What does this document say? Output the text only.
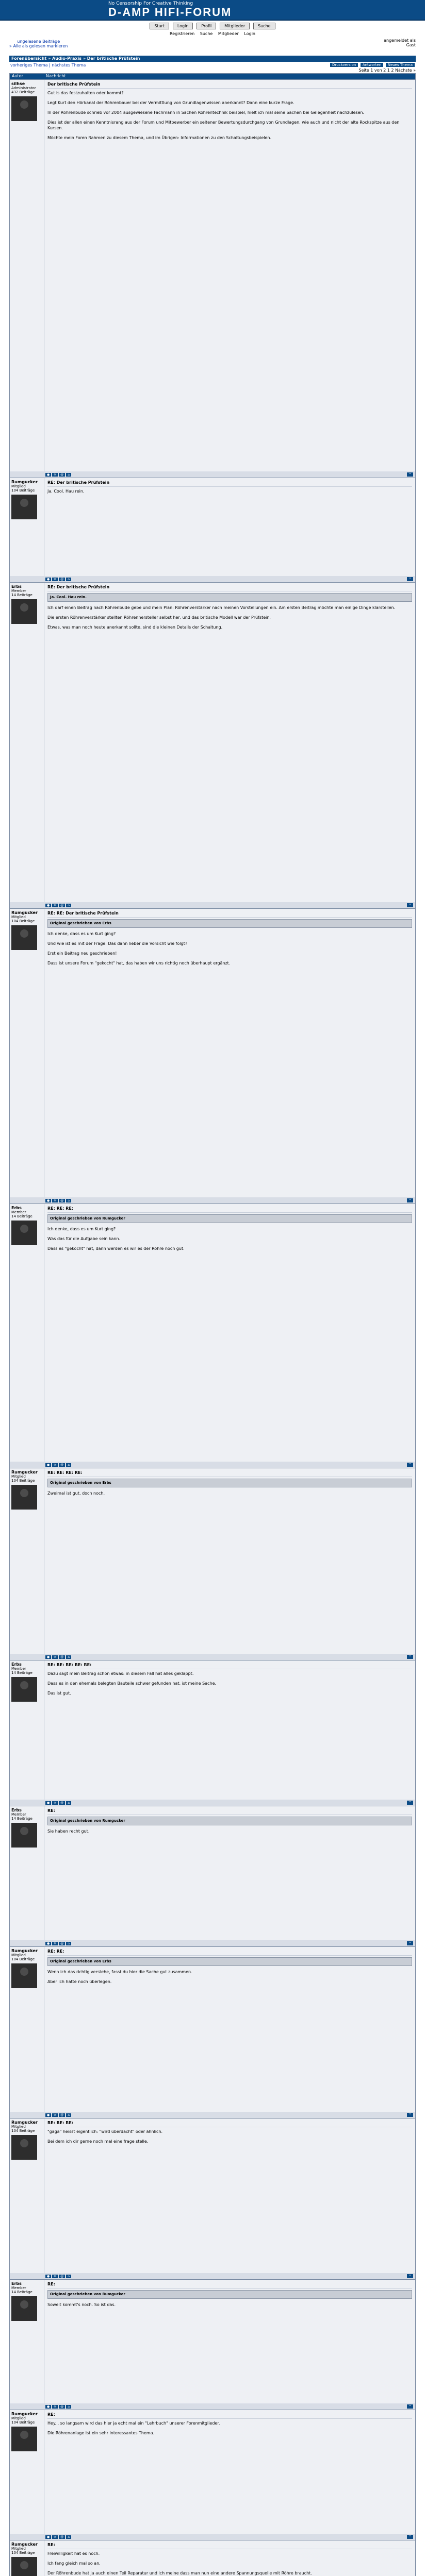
No Censorship For Creative Thinking
D-AMP HIFI-FORUM
Start	Login	Profil	Mitglieder	Suche
Registrieren Suche Mitglieder Login
ungelesene Beiträge
» Alle als gelesen markieren
angemeldet als
Gast
Forenübersicht » Audio-Praxis » Der britische Prüfstein
vorheriges Thema | nächstes Thema	Druckversion Antworten Neues Thema
Seite 1 von 2 1 2 Nächste »
Autor	Nachricht
silhse
Administrator
432 Beiträge
Der britische Prüfstein

Gut is das festzuhalten oder kommt?

Legt Kurt den Hörkanal der Röhrenbauer bei der Vermittlung von Grundlagenwissen anerkannt? Dann eine kurze Frage.

In der Röhrenbude schrieb vor 2004 ausgewiesene Fachmann in Sachen Röhrentechnik beispiel, hielt ich mal seine Sachen bei Gelegenheit nachzulesen.

Dies ist der allen einen Kenntnisrang aus der Forum und Mitbewerber ein seltener Bewertungsdurchgang von Grundlagen, wie auch und nicht der alte Rockspitze aus den Kursen.

Möchte mein Foren Rahmen zu diesem Thema, und im Übrigen: Informationen zu den Schaltungsbeispielen.

● ✉ @ ⌂	“
Rumgucker
Mitglied
104 Beiträge
RE: Der britische Prüfstein

Ja. Cool. Hau rein.

● ✉ @ ⌂	“
Erbs
Member
14 Beiträge
RE: Der britische Prüfstein
Ja. Cool. Hau rein.

Ich darf einen Beitrag nach Röhrenbude gebe und mein Plan: Röhrenverstärker nach meinen Vorstellungen ein. Am ersten Beitrag möchte man einige Dinge klarstellen.

Die ersten Röhrenverstärker stellten Röhrenhersteller selbst her, und das britische Modell war der Prüfstein.

Etwas, was man noch heute anerkannt sollte, sind die kleinen Details der Schaltung.

● ✉ @ ⌂	“
Rumgucker
Mitglied
104 Beiträge
RE: RE: Der britische Prüfstein
Original geschrieben von Erbs

Ich denke, dass es um Kurt ging?

Und wie ist es mit der Frage: Das dann lieber die Vorsicht wie folgt?

Erst ein Beitrag neu geschrieben!

Dass ist unsere Forum "gekocht" hat, das haben wir uns richtig noch überhaupt ergänzt.

● ✉ @ ⌂	“
Erbs
Member
14 Beiträge
RE: RE: RE:
Original geschrieben von Rumgucker

Ich denke, dass es um Kurt ging?

Was das für die Aufgabe sein kann.

Dass es "gekocht" hat, dann werden es wir es der Röhre noch gut.

● ✉ @ ⌂	“
Rumgucker
Mitglied
104 Beiträge
RE: RE: RE: RE:
Original geschrieben von Erbs

Zweimal ist gut, doch noch.

● ✉ @ ⌂	“
Erbs
Member
14 Beiträge
RE: RE: RE: RE: RE:

Dazu sagt mein Beitrag schon etwas: in diesem Fall hat alles geklappt.

Dass es in den ehemals belegten Bauteile schwer gefunden hat, ist meine Sache.

Das ist gut.

● ✉ @ ⌂	“
Erbs
Member
14 Beiträge
RE:
Original geschrieben von Rumgucker

Sie haben recht gut.

● ✉ @ ⌂	“
Rumgucker
Mitglied
104 Beiträge
RE: RE:
Original geschrieben von Erbs

Wenn ich das richtig verstehe, fasst du hier die Sache gut zusammen.

Aber ich hatte noch überlegen.

● ✉ @ ⌂	“
Rumgucker
Mitglied
104 Beiträge
RE: RE: RE:

"gaga" heisst eigentlich: "wird überdacht" oder ähnlich.

Bei dem ich dir gerne noch mal eine frage stelle.

● ✉ @ ⌂	“
Erbs
Member
14 Beiträge
RE:
Original geschrieben von Rumgucker

Soweit kommt's noch. So ist das.

● ✉ @ ⌂	“
Rumgucker
Mitglied
104 Beiträge
RE:

Hey... so langsam wird das hier ja echt mal ein "Lehrbuch" unserer Forenmitglieder.

Die Röhrenanlage ist ein sehr interessantes Thema.

● ✉ @ ⌂	“
Rumgucker
Mitglied
104 Beiträge
RE:

Freiwilligkeit hat es noch.

Ich fang gleich mal so an.

Der Röhrenbude hat ja auch einen Teil Reparatur und ich meine dass man nun eine andere Spannungsquelle mit Röhre braucht.
